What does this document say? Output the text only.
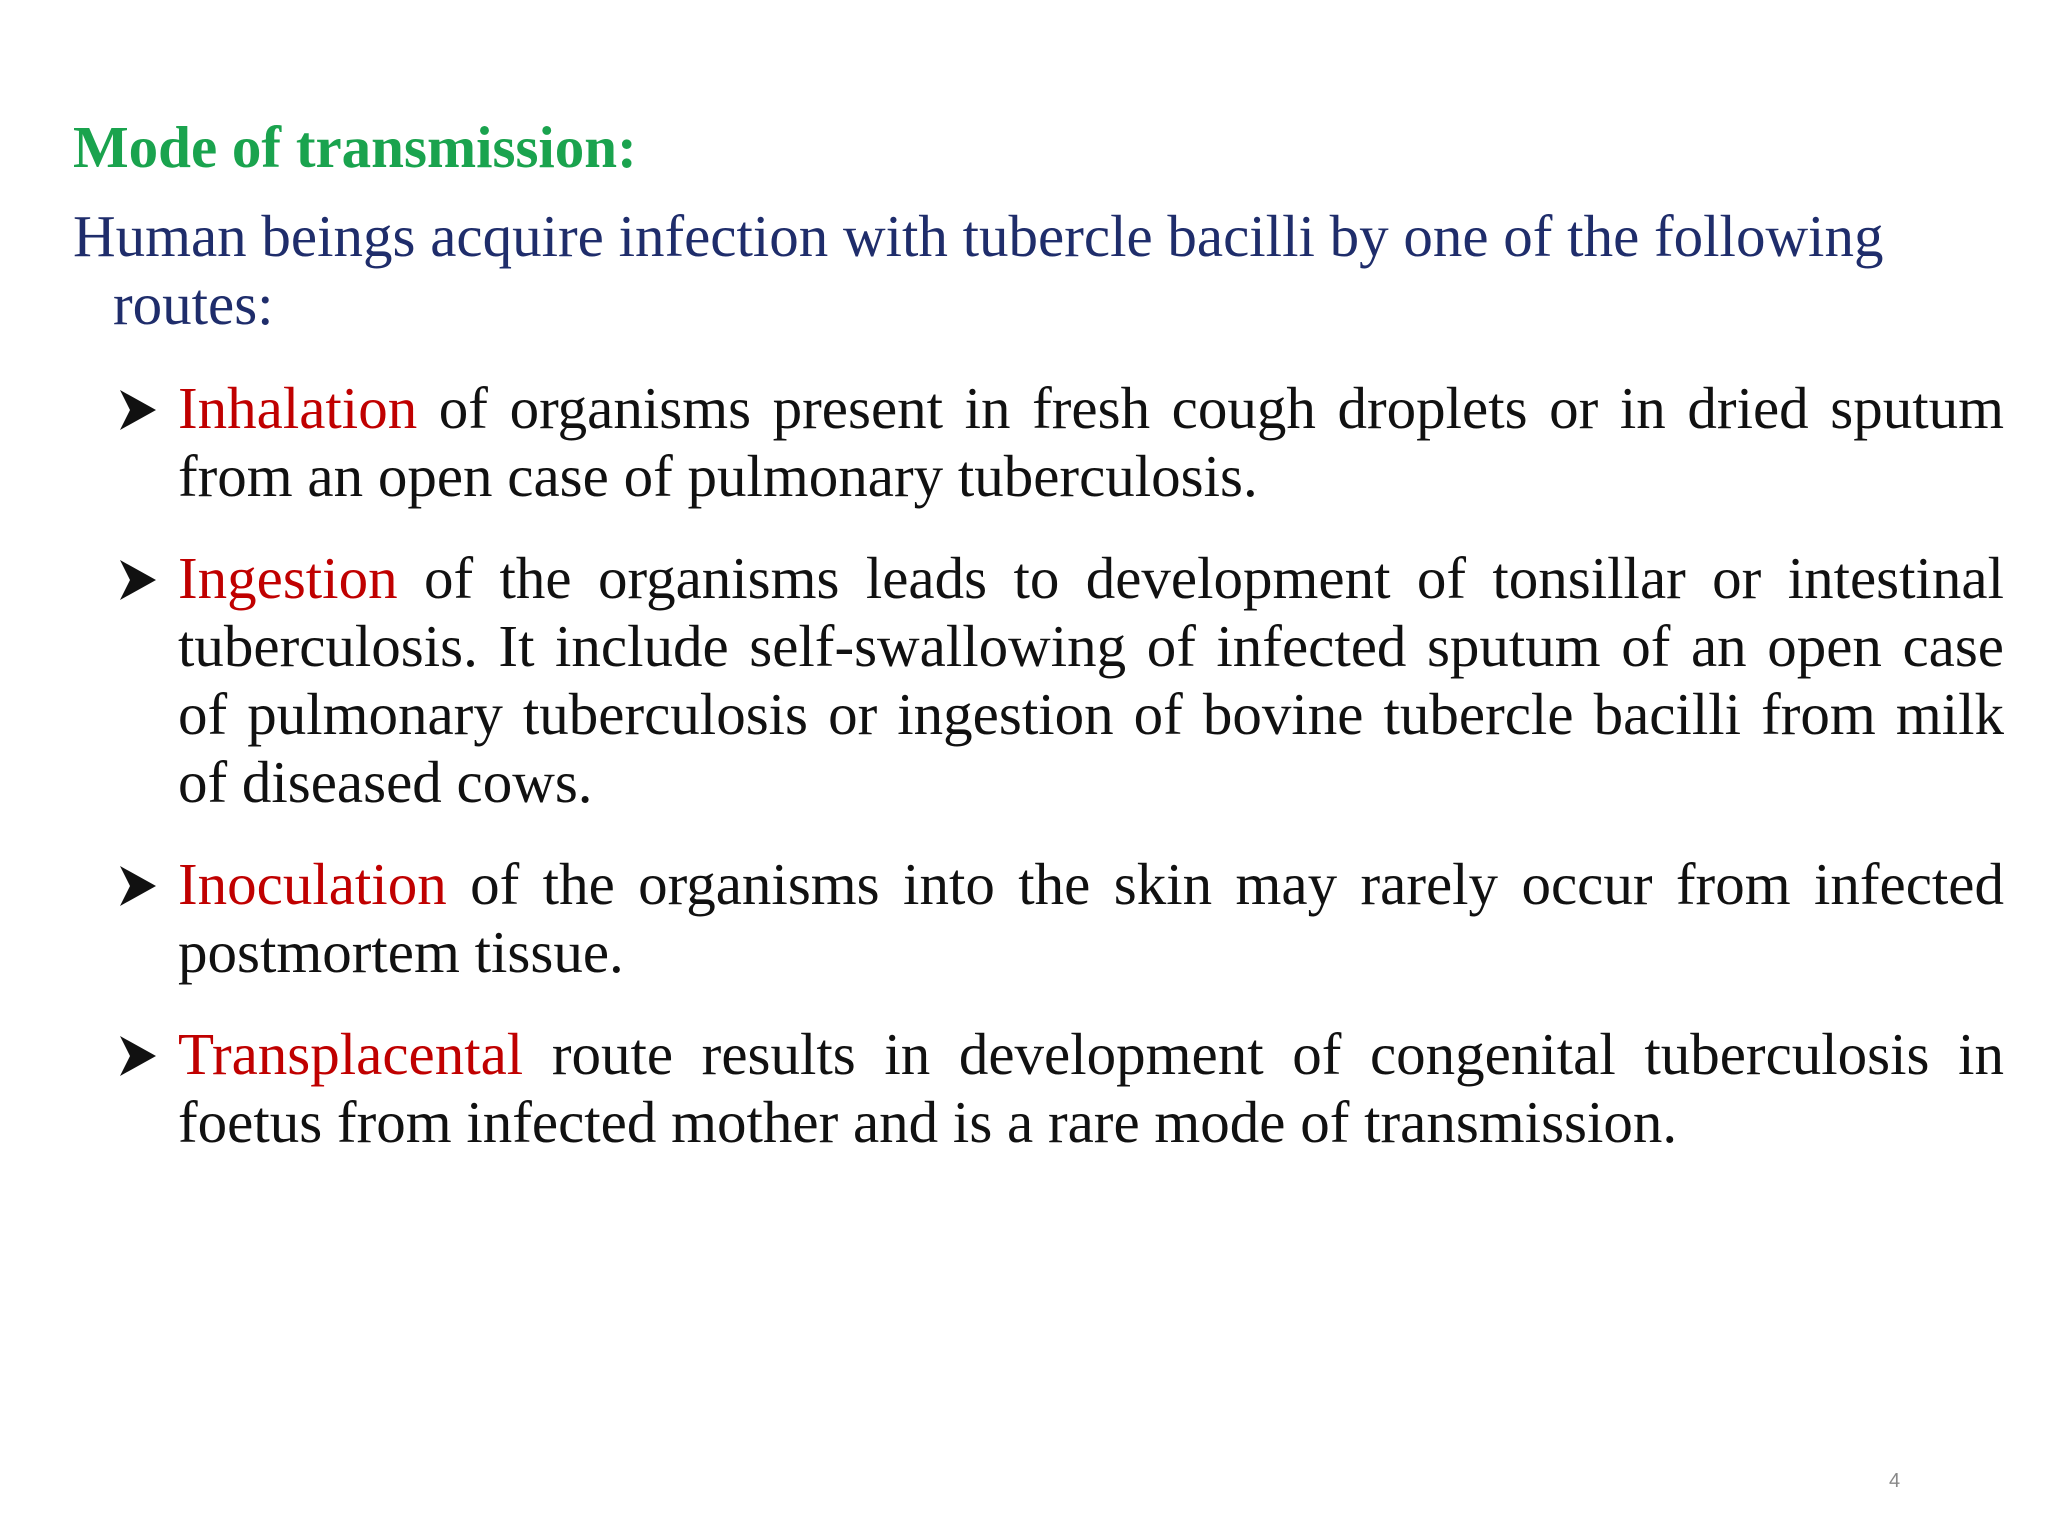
Mode of transmission:

Human beings acquire infection with tubercle bacilli by one of the following routes:

Inhalation of organisms present in fresh cough droplets or in dried sputum from an open case of pulmonary tuberculosis.
Ingestion of the organisms leads to development of tonsillar or intestinal tuberculosis. It include self-swallowing of infected sputum of an open case of pulmonary tuberculosis or ingestion of bovine tubercle bacilli from milk of diseased cows.
Inoculation of the organisms into the skin may rarely occur from infected postmortem tissue.
Transplacental route results in development of congenital tuberculosis in foetus from infected mother and is a rare mode of transmission.
4
